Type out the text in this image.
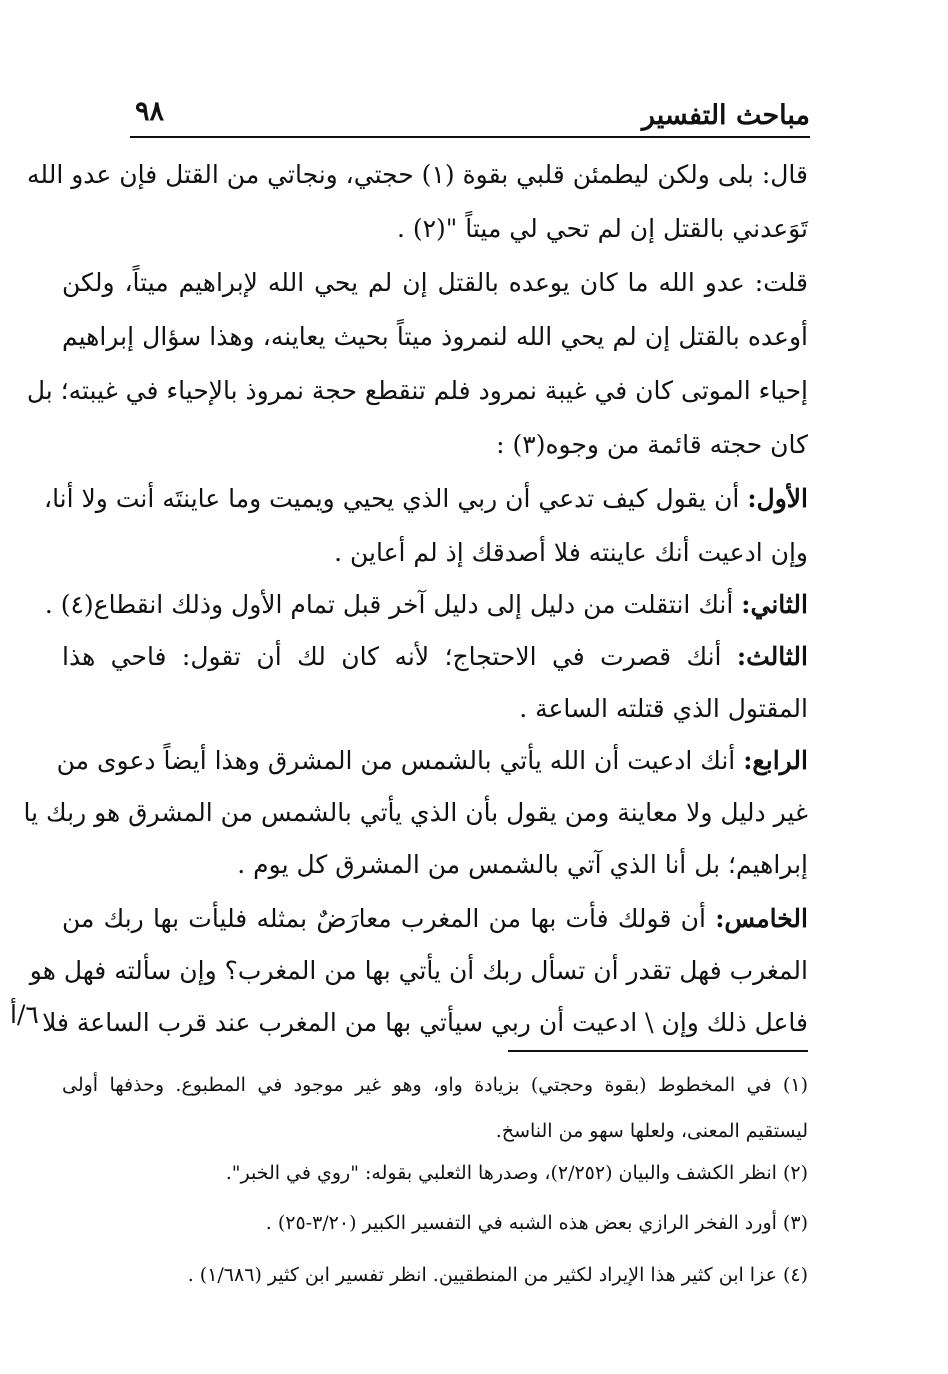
مباحث التفسير
٩٨
قال: بلى ولكن ليطمئن قلبي بقوة (١) حجتي، ونجاتي من القتل فإن عدو الله
تَوَعدني بالقتل إن لم تحي لي ميتاً "(٢) .
قلت: عدو الله ما كان يوعده بالقتل إن لم يحي الله لإبراهيم ميتاً، ولكن
أوعده بالقتل إن لم يحي الله لنمروذ ميتاً بحيث يعاينه، وهذا سؤال إبراهيم
إحياء الموتى كان في غيبة نمرود فلم تنقطع حجة نمروذ بالإحياء في غيبته؛ بل
كان حجته قائمة من وجوه(٣) :
الأول: أن يقول كيف تدعي أن ربي الذي يحيي ويميت وما عاينتَه أنت ولا أنا،
وإن ادعيت أنك عاينته فلا أصدقك إذ لم أعاين .
الثاني: أنك انتقلت من دليل إلى دليل آخر قبل تمام الأول وذلك انقطاع(٤) .
الثالث: أنك قصرت في الاحتجاج؛ لأنه كان لك أن تقول: فاحي هذا
المقتول الذي قتلته الساعة .
الرابع: أنك ادعيت أن الله يأتي بالشمس من المشرق وهذا أيضاً دعوى من
غير دليل ولا معاينة ومن يقول بأن الذي يأتي بالشمس من المشرق هو ربك يا
إبراهيم؛ بل أنا الذي آتي بالشمس من المشرق كل يوم .
الخامس: أن قولك فأت بها من المغرب معارَضٌ بمثله فليأت بها ربك من
المغرب فهل تقدر أن تسأل ربك أن يأتي بها من المغرب؟ وإن سألته فهل هو
فاعل ذلك وإن \ ادعيت أن ربي سيأتي بها من المغرب عند قرب الساعة فلا
٦/أ
(١) في المخطوط (بقوة وحجتي) بزيادة واو، وهو غير موجود في المطبوع. وحذفها أولى
ليستقيم المعنى، ولعلها سهو من الناسخ.
(٢) انظر الكشف والبيان (٢/٢٥٢)، وصدرها الثعلبي بقوله: "روي في الخبر".
(٣) أورد الفخر الرازي بعض هذه الشبه في التفسير الكبير (٣/٢٠-٢٥) .
(٤) عزا ابن كثير هذا الإيراد لكثير من المنطقيين. انظر تفسير ابن كثير (١/٦٨٦) .
